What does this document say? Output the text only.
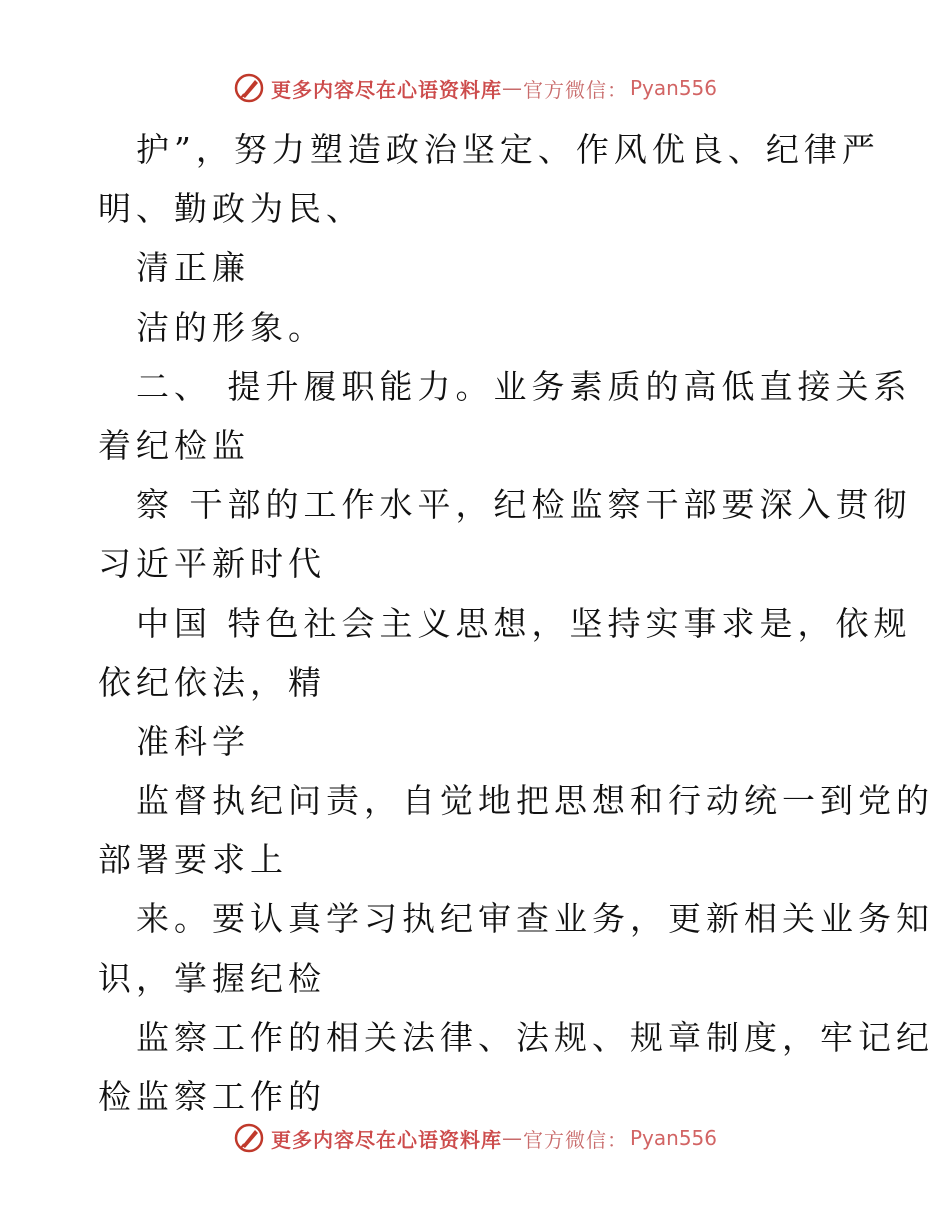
更多内容尽在心语资料库 — 官方微信： Pyan556
护”，努力塑造政治坚定、作风优良、纪律严
明、勤政为民、
清正廉
洁的形象。
二、 提升履职能力。业务素质的高低直接关系
着纪检监
察 干部的工作水平，纪检监察干部要深入贯彻
习近平新时代
中国 特色社会主义思想，坚持实事求是，依规
依纪依法，精
准科学
监督执纪问责，自觉地把思想和行动统一到党的
部署要求上
来。要认真学习执纪审查业务，更新相关业务知
识，掌握纪检
监察工作的相关法律、法规、规章制度，牢记纪
检监察工作的
更多内容尽在心语资料库 — 官方微信： Pyan556
